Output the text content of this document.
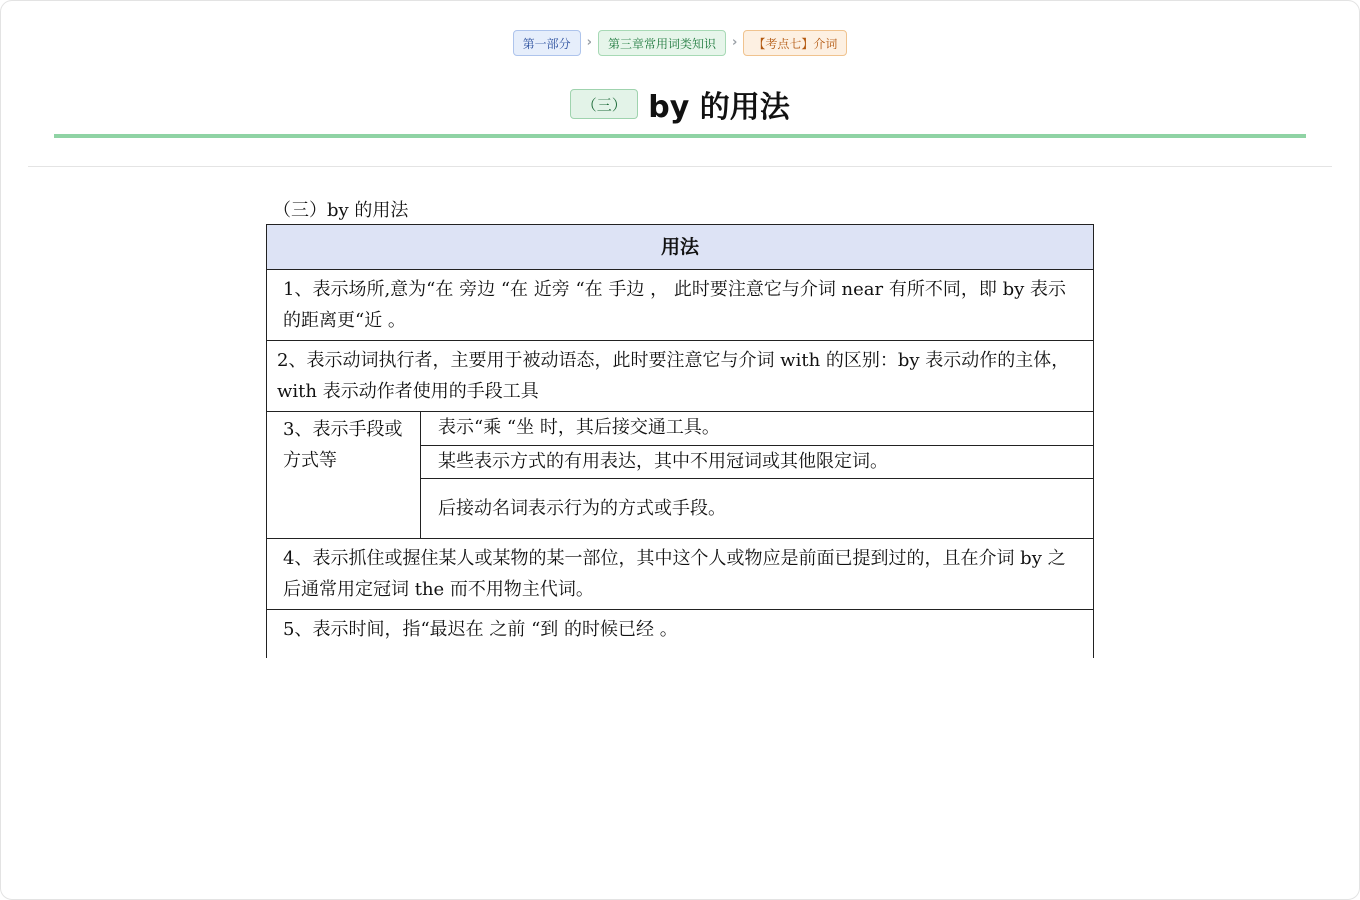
第一部分	›	第三章常用词类知识	›	【考点七】介词
（三） by 的用法
（三）by 的用法
用法
1、表示场所,意为“在 旁边 “在 近旁 “在 手边 ， 此时要注意它与介词 near 有所不同，即 by 表示的距离更“近 。
2、表示动词执行者，主要用于被动语态，此时要注意它与介词 with 的区别：by 表示动作的主体，with 表示动作者使用的手段工具
3、表示手段或方式等	表示“乘 “坐 时，其后接交通工具。
某些表示方式的有用表达，其中不用冠词或其他限定词。
后接动名词表示行为的方式或手段。
4、表示抓住或握住某人或某物的某一部位，其中这个人或物应是前面已提到过的，且在介词 by 之后通常用定冠词 the 而不用物主代词。
5、表示时间，指“最迟在 之前 “到 的时候已经 。
